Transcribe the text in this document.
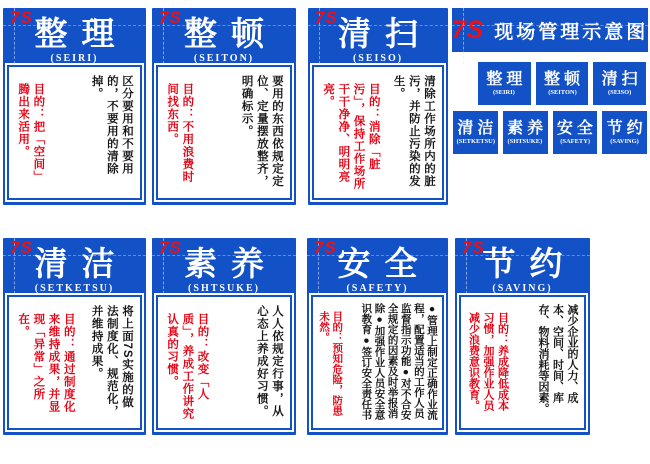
7S 整理
(SEIRI)
区分要用和不要用的，不要用的清除掉。
目的：把「空间」腾出来活用。
7S 整顿
(SEITON)
要用的东西依规定定位、定量摆放整齐，明确标示。
目的：不用浪费时间找东西。
7S 清扫
(SEISO)
清除工作场所内的脏污，并防止污染的发生。
目的：消除「脏污」，保持工作场所干干净净、明明亮亮。
7S 现场管理示意图
整理
(SEIRI)
整顿
(SEITON)
清扫
(SEISO)
清洁
(SETKETSU)
素养
(SHTSUKE)
安全
(SAFETY)
节约
(SAVING)
7S 清洁
(SETKETSU)
将上面7S实施的做法制度化、规范化，并维持成果。
目的：通过制度化来维持成果，并显现「异常」之所在。
7S 素养
(SHTSUKE)
人人依规定行事，从心态上养成好习惯。
目的：改变「人质」，养成工作讲究认真的习惯。
7S 安全
(SAFETY)
●管理上制定正确作业流程，配置适当的工作人员监督指示功能●对不合安全规定的因素及时举报消除●加强作业人员安全意识教育●签订安全责任书
目的：预知危险，防患未然。
7S
节约
(SAVING)
减少企业的人力、成本、空间、时间、库存、物料消耗等因素。
目的：养成降低成本习惯，加强作业人员减少浪费意识教育。
